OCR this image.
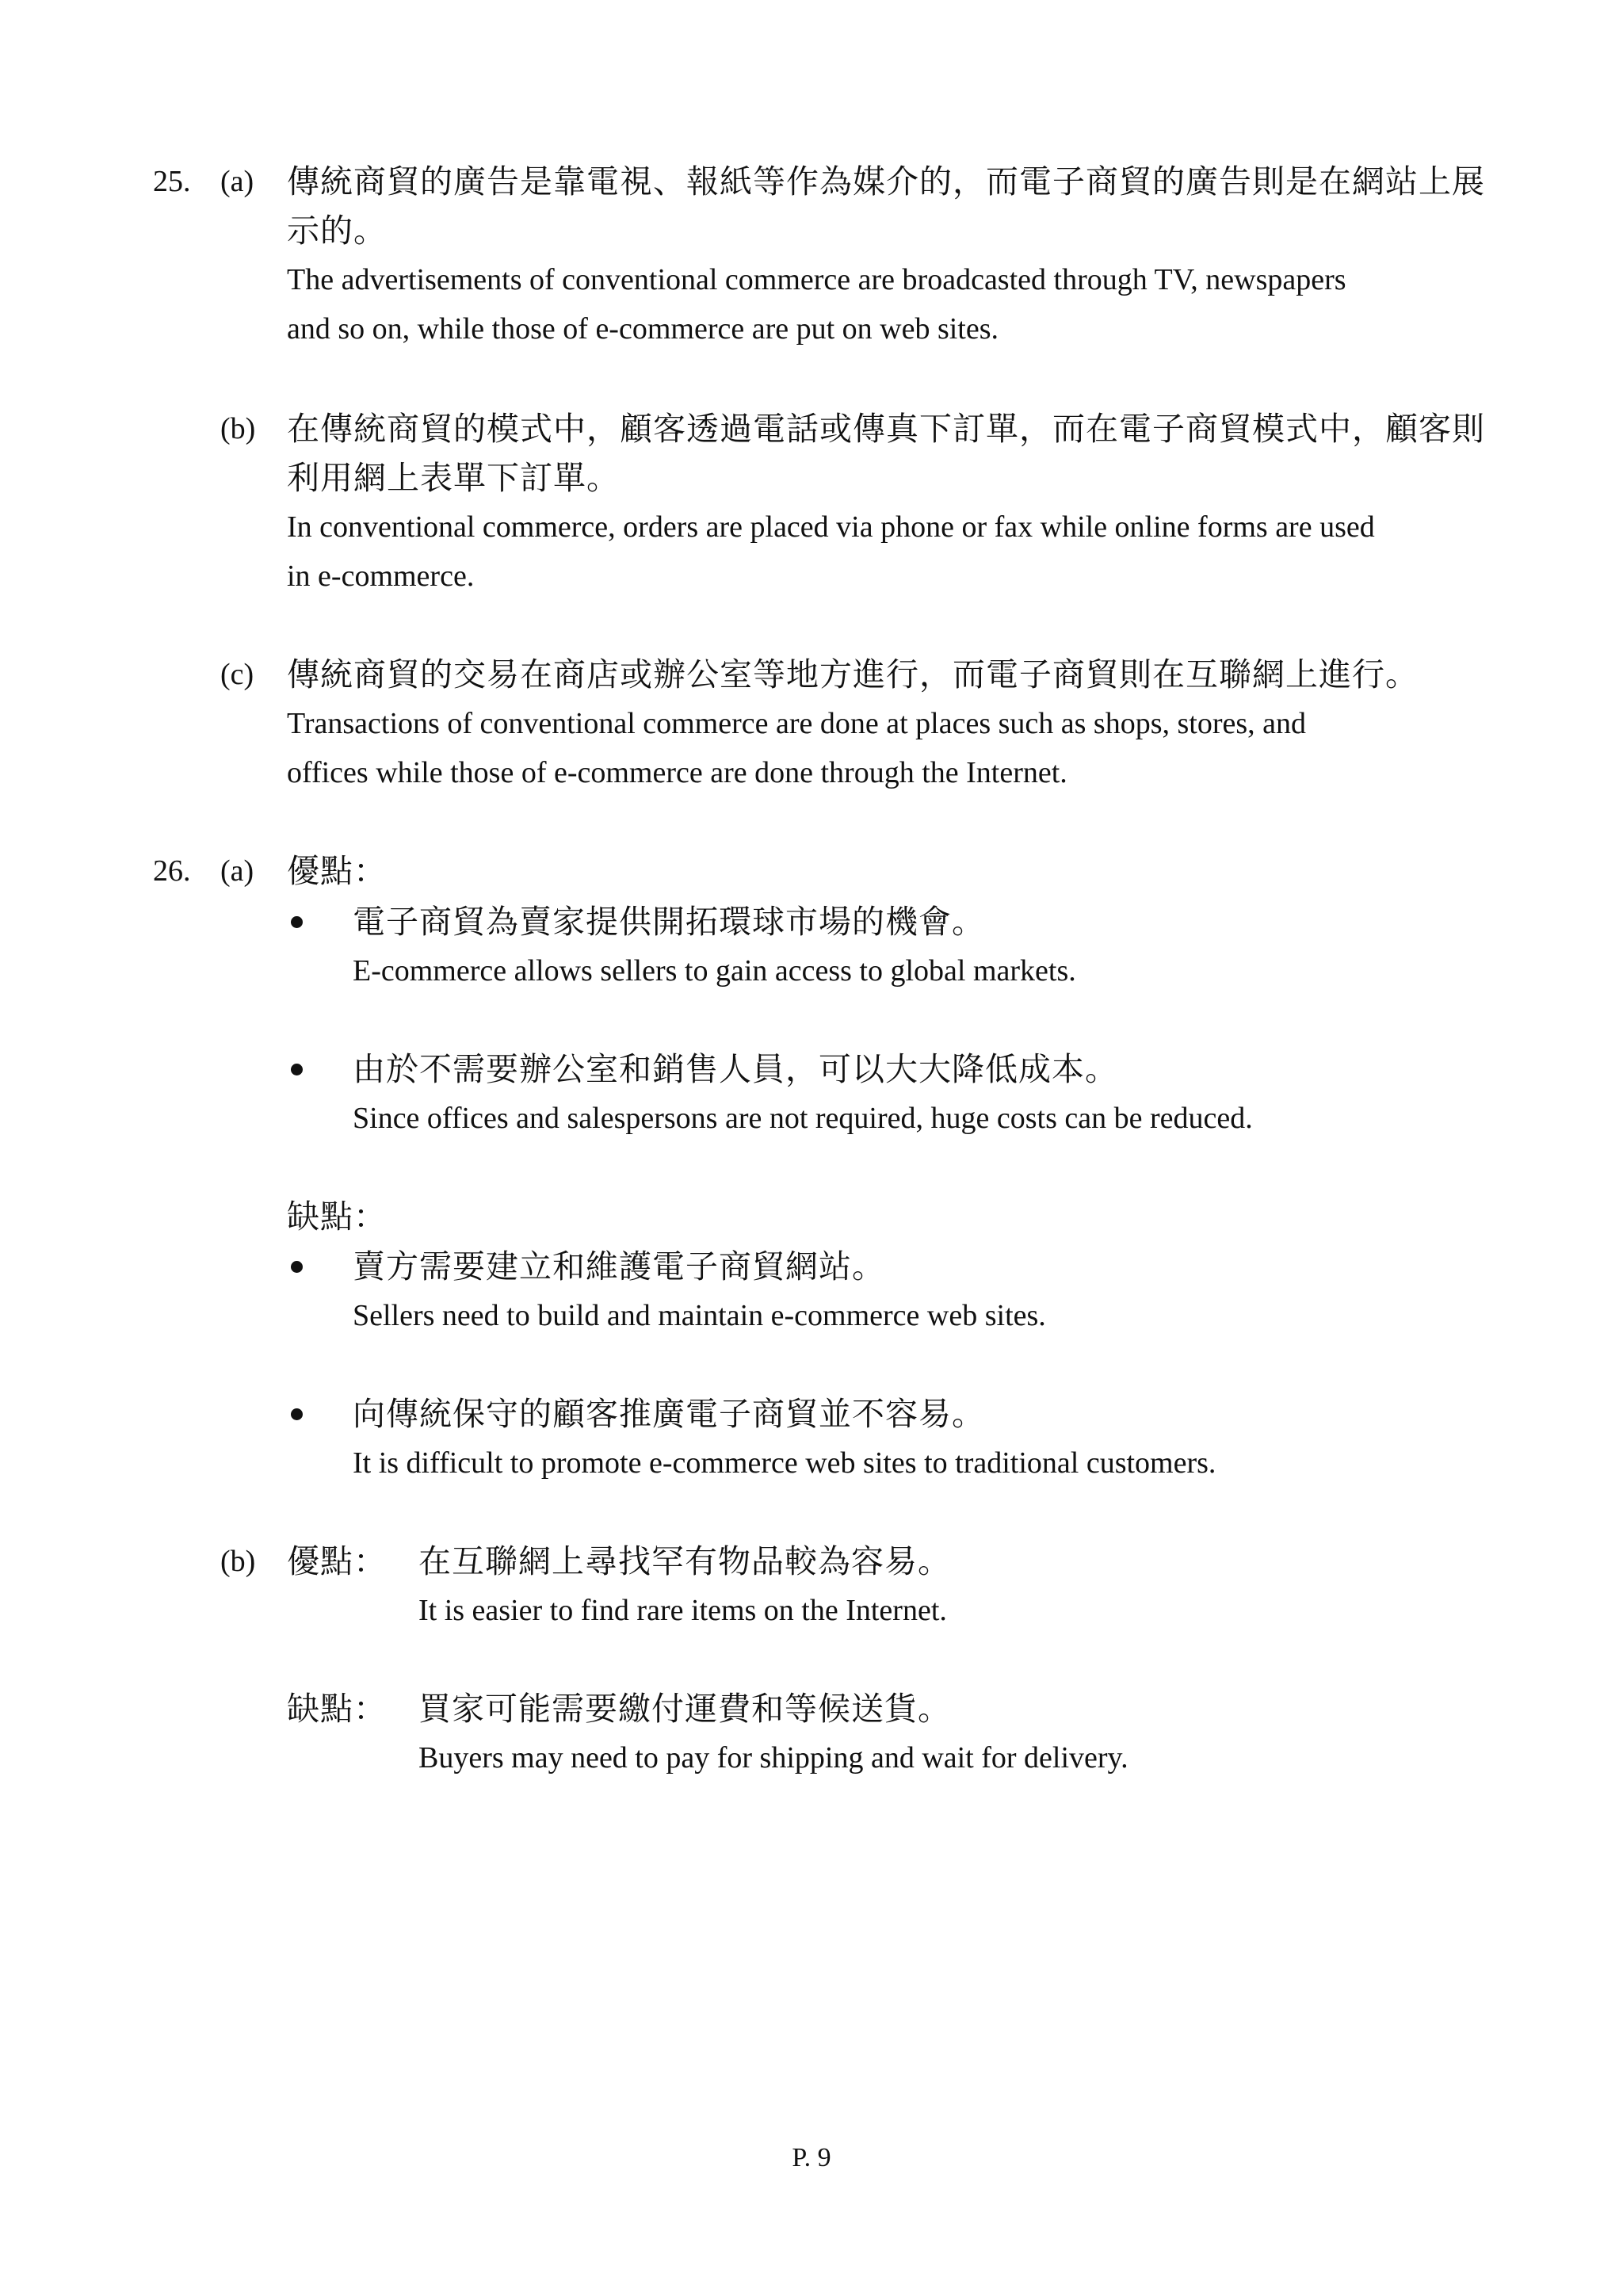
25. (a) 傳統商貿的廣告是靠電視、報紙等作為媒介的，而電子商貿的廣告則是在網站上展
示的。
The advertisements of conventional commerce are broadcasted through TV, newspapers
and so on, while those of e-commerce are put on web sites.
(b) 在傳統商貿的模式中，顧客透過電話或傳真下訂單，而在電子商貿模式中，顧客則
利用網上表單下訂單。
In conventional commerce, orders are placed via phone or fax while online forms are used
in e-commerce.
(c) 傳統商貿的交易在商店或辦公室等地方進行，而電子商貿則在互聯網上進行。
Transactions of conventional commerce are done at places such as shops, stores, and
offices while those of e-commerce are done through the Internet.
26. (a) 優點：
電子商貿為賣家提供開拓環球市場的機會。
E-commerce allows sellers to gain access to global markets.
由於不需要辦公室和銷售人員，可以大大降低成本。
Since offices and salespersons are not required, huge costs can be reduced.
缺點：
賣方需要建立和維護電子商貿網站。
Sellers need to build and maintain e-commerce web sites.
向傳統保守的顧客推廣電子商貿並不容易。
It is difficult to promote e-commerce web sites to traditional customers.
(b) 優點： 在互聯網上尋找罕有物品較為容易。
It is easier to find rare items on the Internet.
缺點： 買家可能需要繳付運費和等候送貨。
Buyers may need to pay for shipping and wait for delivery.
P. 9
